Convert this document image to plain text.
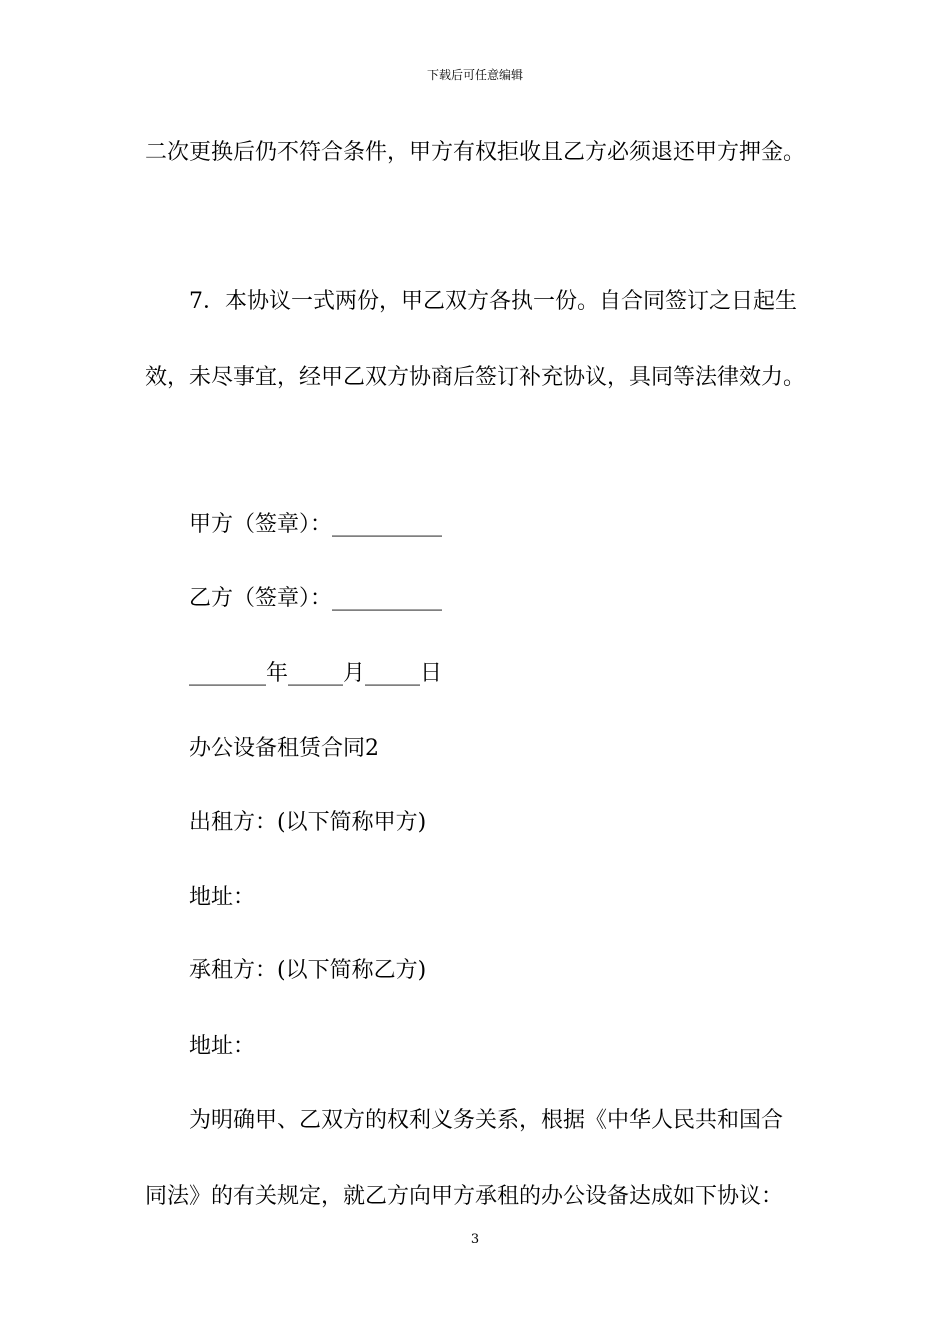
下载后可任意编辑
二次更换后仍不符合条件，甲方有权拒收且乙方必须退还甲方押金。
7．本协议一式两份，甲乙双方各执一份。自合同签订之日起生
效，未尽事宜，经甲乙双方协商后签订补充协议，具同等法律效力。
甲方（签章）：__________
乙方（签章）：__________
_______年_____月_____日
办公设备租赁合同2
出租方：(以下简称甲方)
地址：
承租方：(以下简称乙方)
地址：
为明确甲、乙双方的权利义务关系，根据《中华人民共和国合
同法》的有关规定，就乙方向甲方承租的办公设备达成如下协议：
3
